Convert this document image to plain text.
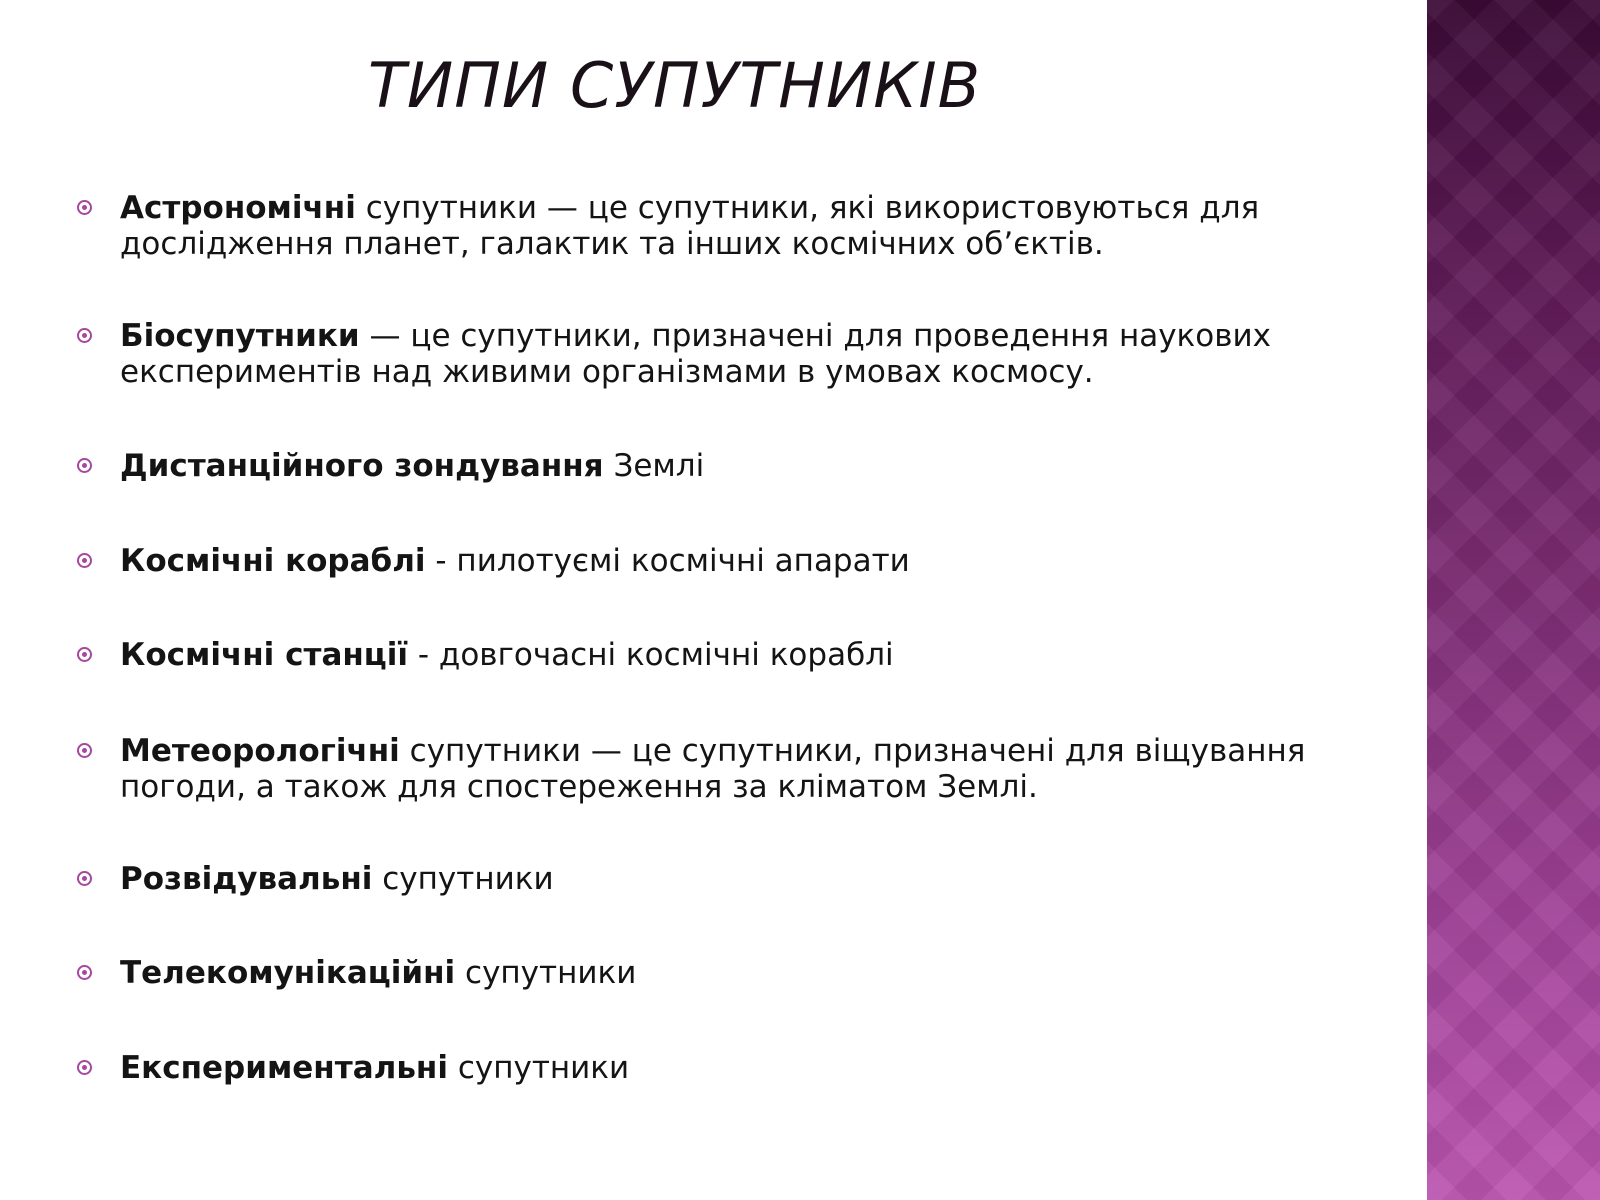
ТИПИ СУПУТНИКІВ
Астрономічні супутники — це супутники, які використовуються для дослідження планет, галактик та інших космічних об’єктів.
Біосупутники — це супутники, призначені для проведення наукових експериментів над живими організмами в умовах космосу.
Дистанційного зондування Землі
Космічні кораблі - пилотуємі космічні апарати
Космічні станції - довгочасні космічні кораблі
Метеорологічні супутники — це супутники, призначені для віщування погоди, а також для спостереження за кліматом Землі.
Розвідувальні супутники
Телекомунікаційні супутники
Експериментальні супутники
